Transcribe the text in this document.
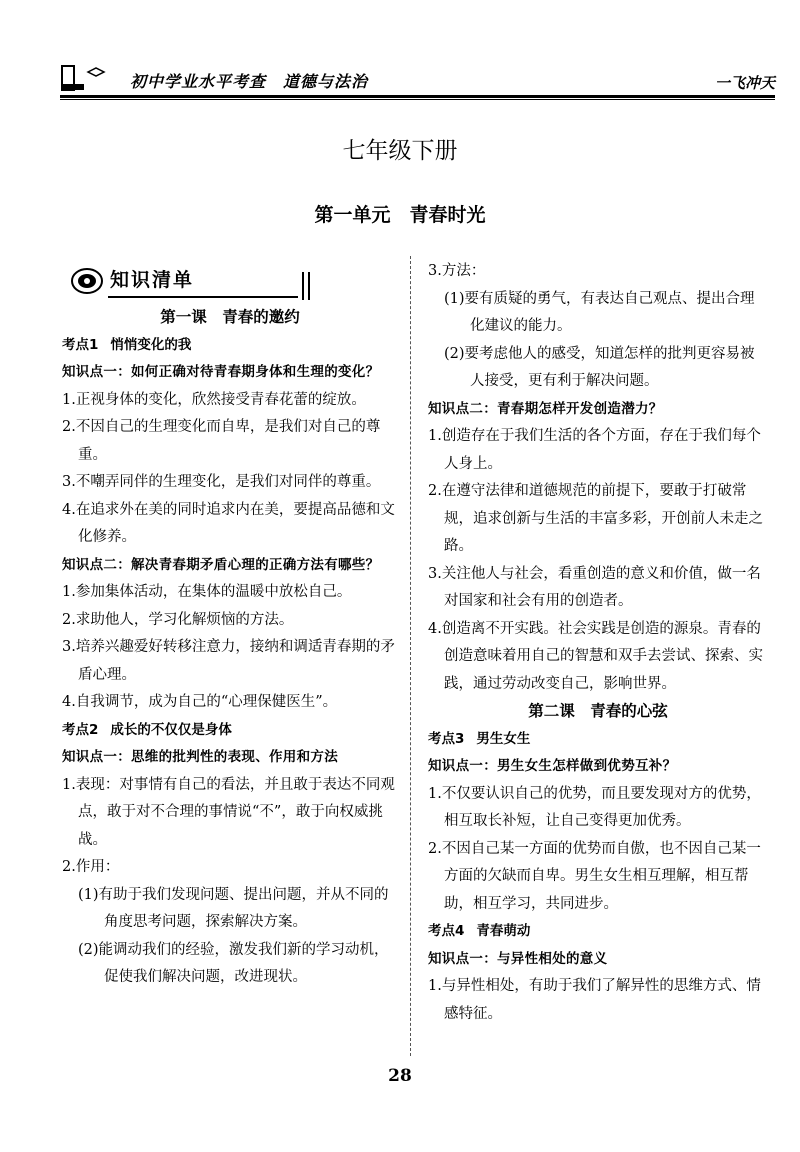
初中学业水平考查　道德与法治	一飞冲天
七年级下册
第一单元　青春时光
知识清单
第一课　青春的邀约
考点1 悄悄变化的我
知识点一：如何正确对待青春期身体和生理的变化？
1.正视身体的变化，欣然接受青春花蕾的绽放。
2.不因自己的生理变化而自卑，是我们对自己的尊重。
3.不嘲弄同伴的生理变化，是我们对同伴的尊重。
4.在追求外在美的同时追求内在美，要提高品德和文化修养。
知识点二：解决青春期矛盾心理的正确方法有哪些？
1.参加集体活动，在集体的温暖中放松自己。
2.求助他人，学习化解烦恼的方法。
3.培养兴趣爱好转移注意力，接纳和调适青春期的矛盾心理。
4.自我调节，成为自己的“心理保健医生”。
考点2 成长的不仅仅是身体
知识点一：思维的批判性的表现、作用和方法
1.表现：对事情有自己的看法，并且敢于表达不同观点，敢于对不合理的事情说“不”，敢于向权威挑战。
2.作用：
(1)有助于我们发现问题、提出问题，并从不同的角度思考问题，探索解决方案。
(2)能调动我们的经验，激发我们新的学习动机，促使我们解决问题，改进现状。
3.方法：
(1)要有质疑的勇气，有表达自己观点、提出合理化建议的能力。
(2)要考虑他人的感受，知道怎样的批判更容易被人接受，更有利于解决问题。
知识点二：青春期怎样开发创造潜力？
1.创造存在于我们生活的各个方面，存在于我们每个人身上。
2.在遵守法律和道德规范的前提下，要敢于打破常规，追求创新与生活的丰富多彩，开创前人未走之路。
3.关注他人与社会，看重创造的意义和价值，做一名对国家和社会有用的创造者。
4.创造离不开实践。社会实践是创造的源泉。青春的创造意味着用自己的智慧和双手去尝试、探索、实践，通过劳动改变自己，影响世界。
第二课　青春的心弦
考点3 男生女生
知识点一：男生女生怎样做到优势互补？
1.不仅要认识自己的优势，而且要发现对方的优势，相互取长补短，让自己变得更加优秀。
2.不因自己某一方面的优势而自傲，也不因自己某一方面的欠缺而自卑。男生女生相互理解，相互帮助，相互学习，共同进步。
考点4 青春萌动
知识点一：与异性相处的意义
1.与异性相处，有助于我们了解异性的思维方式、情感特征。
28
